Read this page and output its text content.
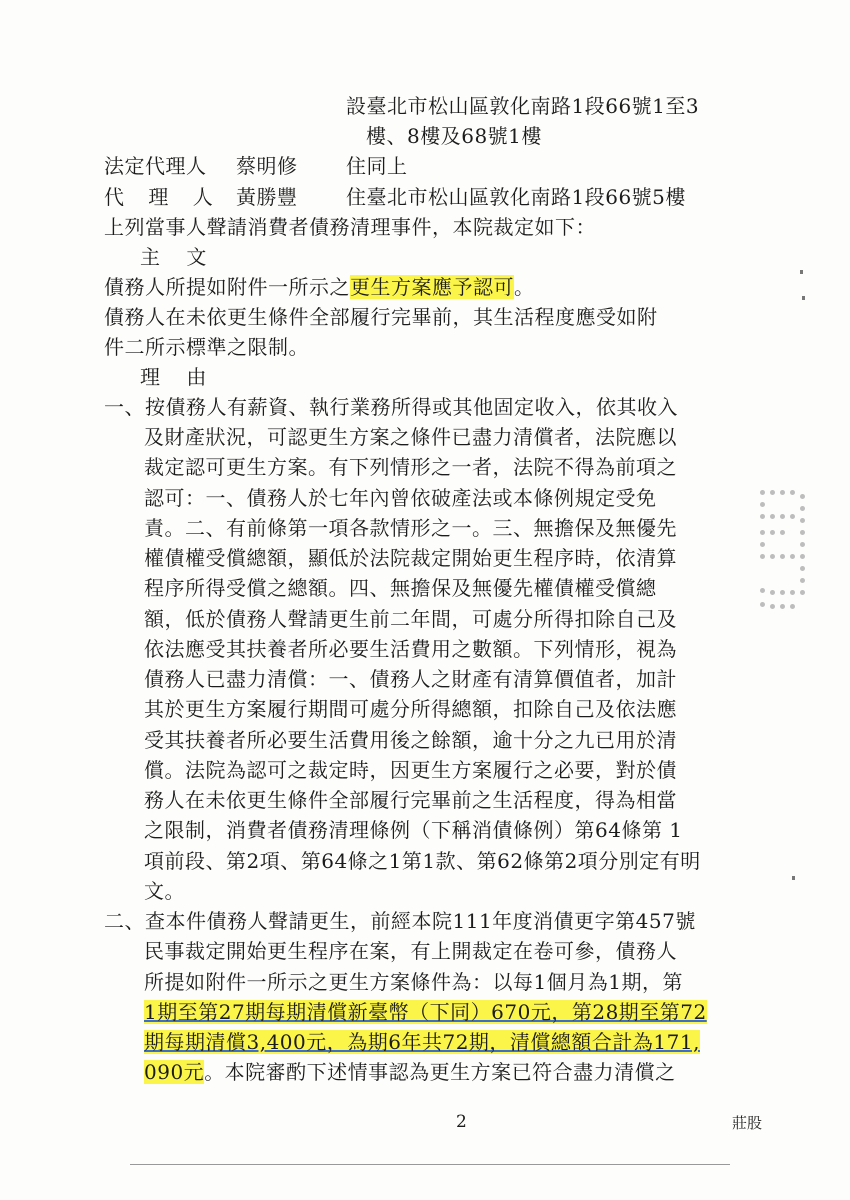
設臺北市松山區敦化南路1段66號1至3
樓、8樓及68號1樓
法定代理人 蔡明修 住同上
代 理 人 黃勝豐 住臺北市松山區敦化南路1段66號5樓
上列當事人聲請消費者債務清理事件，本院裁定如下：
主 文
債務人所提如附件一所示之更生方案應予認可。
債務人在未依更生條件全部履行完畢前，其生活程度應受如附
件二所示標準之限制。
理 由
一、按債務人有薪資、執行業務所得或其他固定收入，依其收入
及財產狀況，可認更生方案之條件已盡力清償者，法院應以
裁定認可更生方案。有下列情形之一者，法院不得為前項之
認可：一、債務人於七年內曾依破產法或本條例規定受免
責。二、有前條第一項各款情形之一。三、無擔保及無優先
權債權受償總額，顯低於法院裁定開始更生程序時，依清算
程序所得受償之總額。四、無擔保及無優先權債權受償總
額，低於債務人聲請更生前二年間，可處分所得扣除自己及
依法應受其扶養者所必要生活費用之數額。下列情形，視為
債務人已盡力清償：一、債務人之財產有清算價值者，加計
其於更生方案履行期間可處分所得總額，扣除自己及依法應
受其扶養者所必要生活費用後之餘額，逾十分之九已用於清
償。法院為認可之裁定時，因更生方案履行之必要，對於債
務人在未依更生條件全部履行完畢前之生活程度，得為相當
之限制，消費者債務清理條例（下稱消債條例）第64條第 1
項前段、第2項、第64條之1第1款、第62條第2項分別定有明
文。
二、查本件債務人聲請更生，前經本院111年度消債更字第457號
民事裁定開始更生程序在案，有上開裁定在卷可參，債務人
所提如附件一所示之更生方案條件為：以每1個月為1期，第
1期至第27期每期清償新臺幣（下同）670元，第28期至第72
期每期清償3,400元，為期6年共72期，清償總額合計為171,
090元。本院審酌下述情事認為更生方案已符合盡力清償之
2	莊股
